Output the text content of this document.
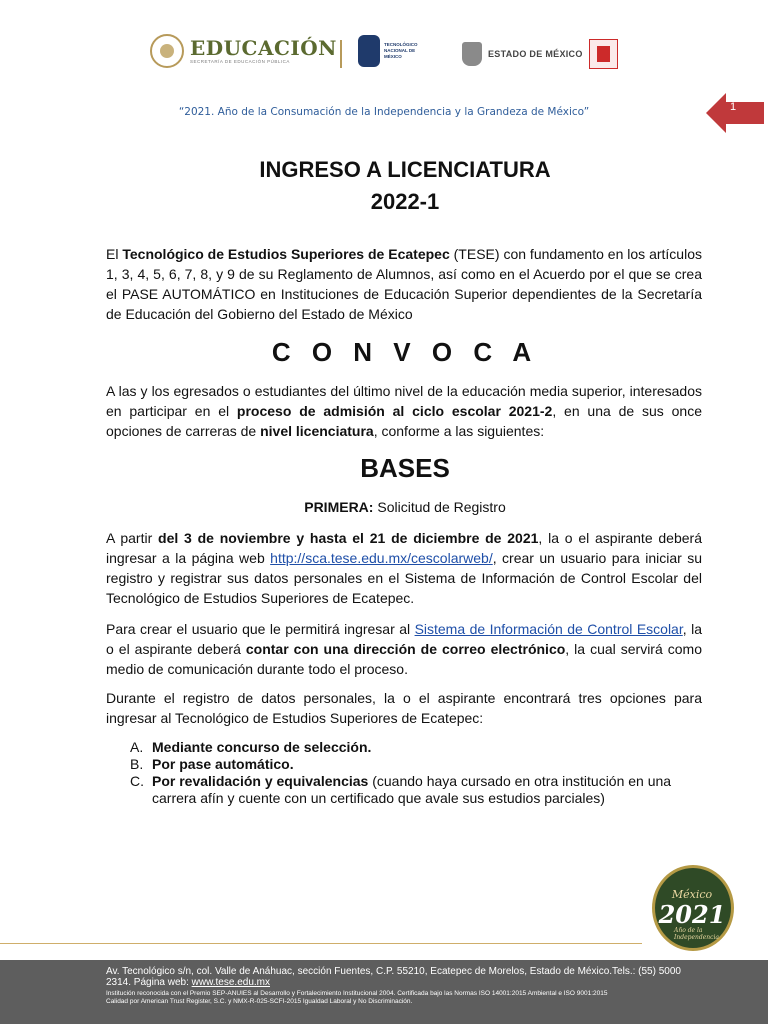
EDUCACIÓN
SECRETARÍA DE EDUCACIÓN PÚBLICA
TECNOLÓGICO NACIONAL DE MÉXICO	ESTADO DE MÉXICO
“2021. Año de la Consumación de la Independencia y la Grandeza de México”	1
INGRESO A LICENCIATURA
2022-1
El Tecnológico de Estudios Superiores de Ecatepec (TESE) con fundamento en los artículos 1, 3, 4, 5, 6, 7, 8, y 9 de su Reglamento de Alumnos, así como en el Acuerdo por el que se crea el PASE AUTOMÁTICO en Instituciones de Educación Superior dependientes de la Secretaría de Educación del Gobierno del Estado de México
C O N V O C A
A las y los egresados o estudiantes del último nivel de la educación media superior, interesados en participar en el proceso de admisión al ciclo escolar 2021-2, en una de sus once opciones de carreras de nivel licenciatura, conforme a las siguientes:
BASES
PRIMERA: Solicitud de Registro
A partir del 3 de noviembre y hasta el 21 de diciembre de 2021, la o el aspirante deberá ingresar a la página web http://sca.tese.edu.mx/cescolarweb/, crear un usuario para iniciar su registro y registrar sus datos personales en el Sistema de Información de Control Escolar del Tecnológico de Estudios Superiores de Ecatepec.
Para crear el usuario que le permitirá ingresar al Sistema de Información de Control Escolar, la o el aspirante deberá contar con una dirección de correo electrónico, la cual servirá como medio de comunicación durante todo el proceso.
Durante el registro de datos personales, la o el aspirante encontrará tres opciones para ingresar al Tecnológico de Estudios Superiores de Ecatepec:
A. Mediante concurso de selección.
B. Por pase automático.
C. Por revalidación y equivalencias (cuando haya cursado en otra institución en una carrera afín y cuente con un certificado que avale sus estudios parciales)
México
2021
Año de la Independencia
Av. Tecnológico s/n, col. Valle de Anáhuac, sección Fuentes, C.P. 55210, Ecatepec de Morelos, Estado de México.Tels.: (55) 5000
2314. Página web: www.tese.edu.mx
Institución reconocida con el Premio SEP-ANUIES al Desarrollo y Fortalecimiento Institucional 2004. Certificada bajo las Normas ISO 14001:2015 Ambiental e ISO 9001:2015
Calidad por American Trust Register, S.C. y NMX-R-025-SCFI-2015 Igualdad Laboral y No Discriminación.
